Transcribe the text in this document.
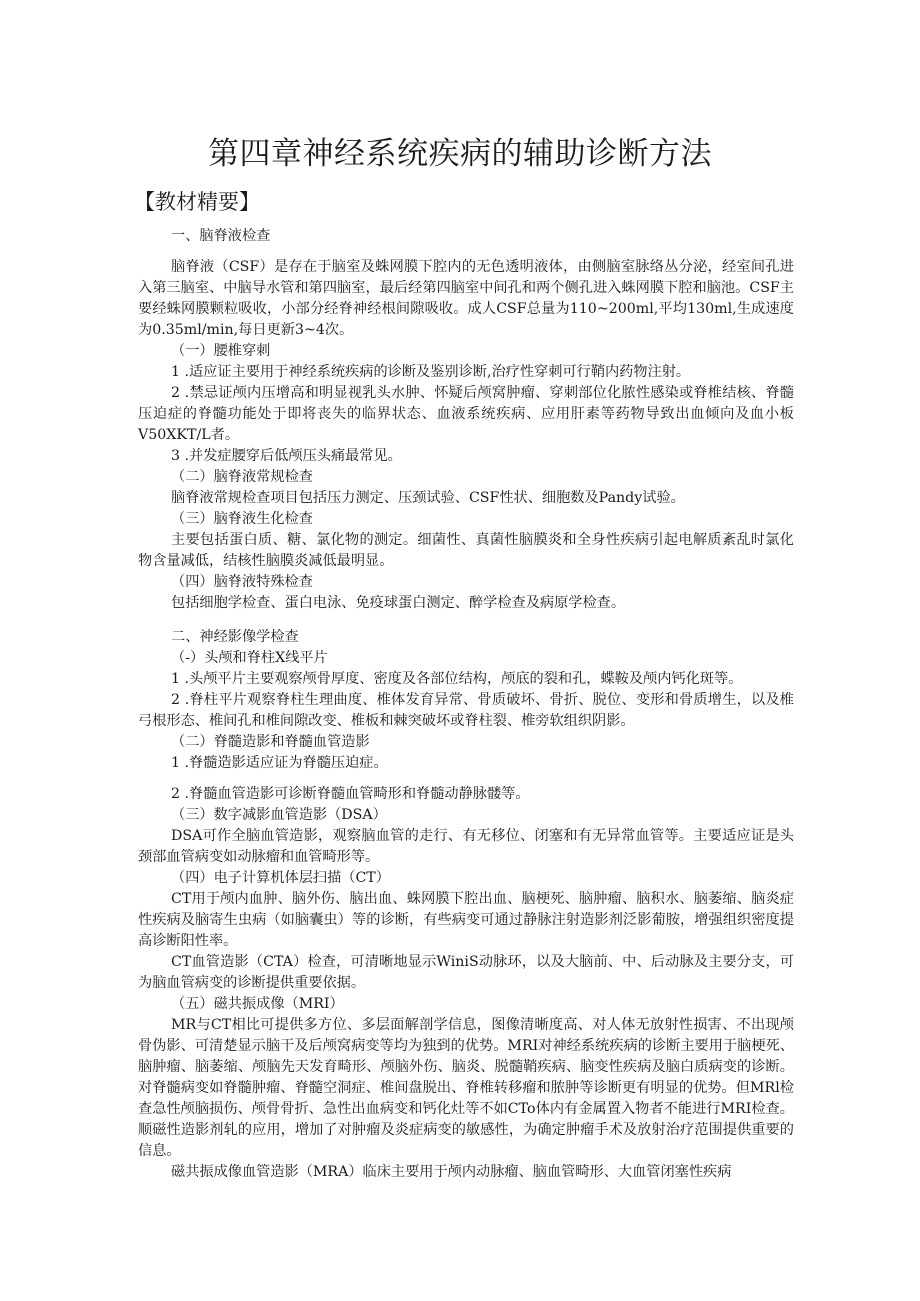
第四章神经系统疾病的辅助诊断方法
【教材精要】

一、脑脊液检查

脑脊液（CSF）是存在于脑室及蛛网膜下腔内的无色透明液体，由侧脑室脉络丛分泌，经室间孔进入第三脑室、中脑导水管和第四脑室，最后经第四脑室中间孔和两个侧孔进入蛛网膜下腔和脑池。CSF主要经蛛网膜颗粒吸收，小部分经脊神经根间隙吸收。成人CSF总量为110~200ml,平均130ml,生成速度为0.35ml/min,每日更新3~4次。

（一）腰椎穿刺

1 .适应证主要用于神经系统疾病的诊断及鉴别诊断,治疗性穿刺可行鞘内药物注射。

2 .禁忌证颅内压增高和明显视乳头水肿、怀疑后颅窝肿瘤、穿刺部位化脓性感染或脊椎结核、脊髓压迫症的脊髓功能处于即将丧失的临界状态、血液系统疾病、应用肝素等药物导致出血倾向及血小板V50XKT/L者。

3 .并发症腰穿后低颅压头痛最常见。

（二）脑脊液常规检查

脑脊液常规检查项目包括压力测定、压颈试验、CSF性状、细胞数及Pandy试验。

（三）脑脊液生化检查

主要包括蛋白质、糖、氯化物的测定。细菌性、真菌性脑膜炎和全身性疾病引起电解质紊乱时氯化物含量减低，结核性脑膜炎减低最明显。

（四）脑脊液特殊检查

包括细胞学检查、蛋白电泳、免疫球蛋白测定、醉学检查及病原学检查。

二、神经影像学检查

（-）头颅和脊柱X线平片

1 .头颅平片主要观察颅骨厚度、密度及各部位结构，颅底的裂和孔，蝶鞍及颅内钙化斑等。

2 .脊柱平片观察脊柱生理曲度、椎体发育异常、骨质破坏、骨折、脱位、变形和骨质增生，以及椎弓根形态、椎间孔和椎间隙改变、椎板和棘突破坏或脊柱裂、椎旁软组织阴影。

（二）脊髓造影和脊髓血管造影

1 .脊髓造影适应证为脊髓压迫症。

2 .脊髓血管造影可诊断脊髓血管畸形和脊髓动静脉髅等。

（三）数字减影血管造影（DSA）

DSA可作全脑血管造影，观察脑血管的走行、有无移位、闭塞和有无异常血管等。主要适应证是头颈部血管病变如动脉瘤和血管畸形等。

（四）电子计算机体层扫描（CT）

CT用于颅内血肿、脑外伤、脑出血、蛛网膜下腔出血、脑梗死、脑肿瘤、脑积水、脑萎缩、脑炎症性疾病及脑寄生虫病（如脑囊虫）等的诊断，有些病变可通过静脉注射造影剂泛影葡胺，增强组织密度提高诊断阳性率。

CT血管造影（CTA）检查，可清晰地显示WiniS动脉环，以及大脑前、中、后动脉及主要分支，可为脑血管病变的诊断提供重要依据。

（五）磁共振成像（MRI）

MR与CT相比可提供多方位、多层面解剖学信息，图像清晰度高、对人体无放射性损害、不出现颅骨伪影、可清楚显示脑干及后颅窝病变等均为独到的优势。MRI对神经系统疾病的诊断主要用于脑梗死、脑肿瘤、脑萎缩、颅脑先天发育畸形、颅脑外伤、脑炎、脱髓鞘疾病、脑变性疾病及脑白质病变的诊断。对脊髓病变如脊髓肿瘤、脊髓空洞症、椎间盘脱出、脊椎转移瘤和脓肿等诊断更有明显的优势。但MRl检查急性颅脑损伤、颅骨骨折、急性出血病变和钙化灶等不如CTo体内有金属置入物者不能进行MRI检查。顺磁性造影剂轧的应用，增加了对肿瘤及炎症病变的敏感性，为确定肿瘤手术及放射治疗范围提供重要的信息。

磁共振成像血管造影（MRA）临床主要用于颅内动脉瘤、脑血管畸形、大血管闭塞性疾病
